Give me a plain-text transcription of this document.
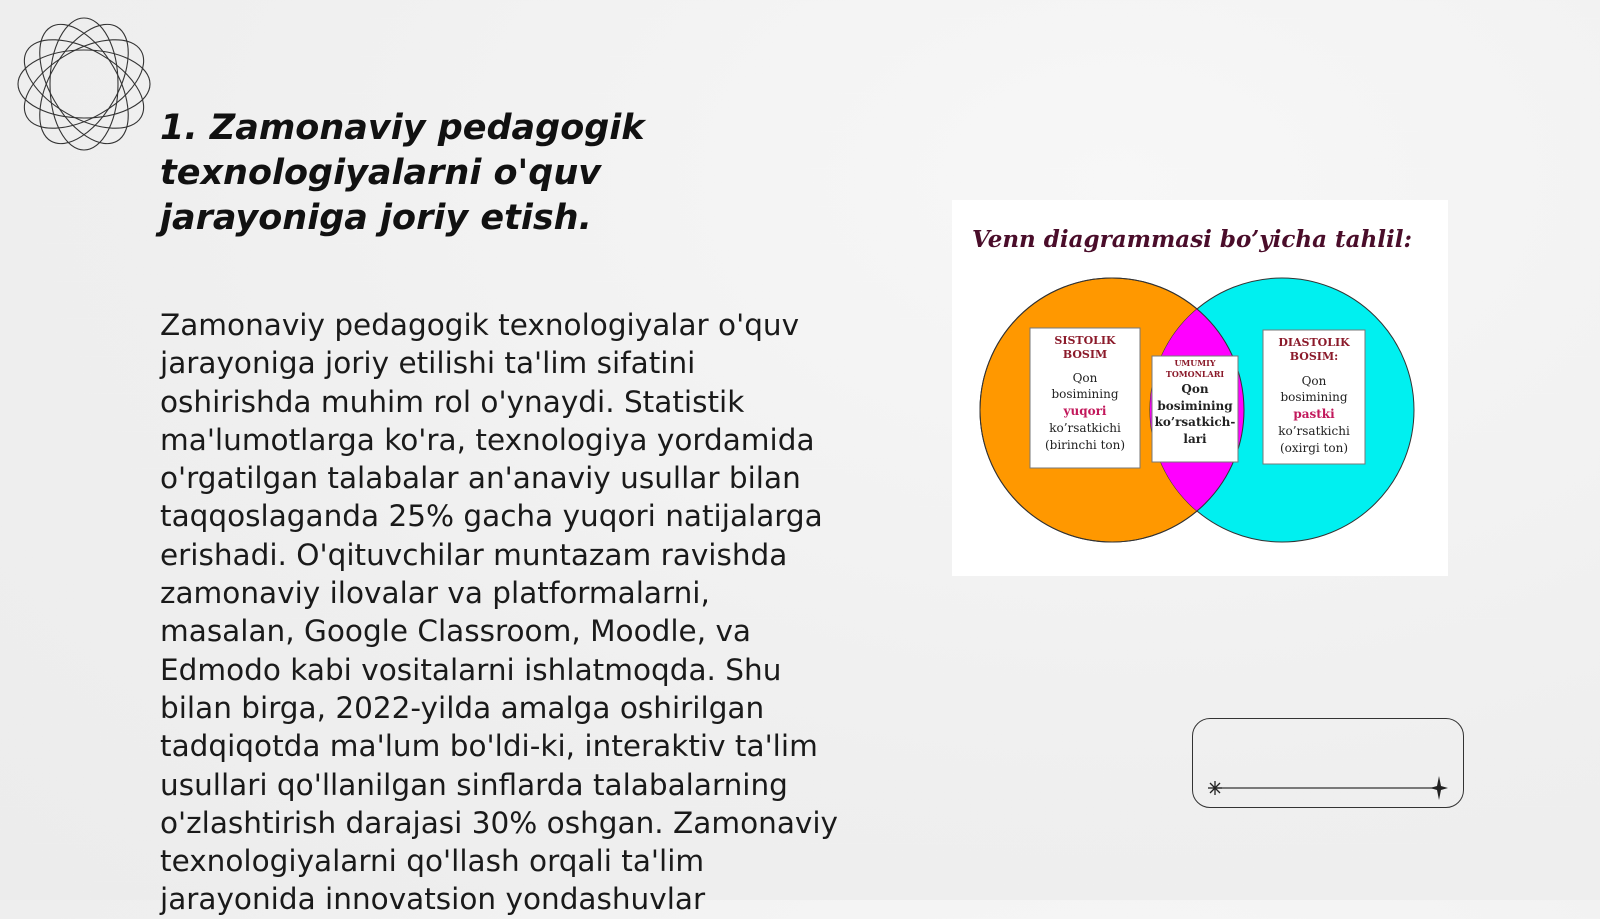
1. Zamonaviy pedagogik texnologiyalarni o'quv jarayoniga joriy etish.

Zamonaviy pedagogik texnologiyalar o'quv jarayoniga joriy etilishi ta'lim sifatini oshirishda muhim rol o'ynaydi. Statistik ma'lumotlarga ko'ra, texnologiya yordamida o'rgatilgan talabalar an'anaviy usullar bilan taqqoslaganda 25% gacha yuqori natijalarga erishadi. O'qituvchilar muntazam ravishda zamonaviy ilovalar va platformalarni, masalan, Google Classroom, Moodle, va Edmodo kabi vositalarni ishlatmoqda. Shu bilan birga, 2022-yilda amalga oshirilgan tadqiqotda ma'lum bo'ldi-ki, interaktiv ta'lim usullari qo'llanilgan sinflarda talabalarning o'zlashtirish darajasi 30% oshgan. Zamonaviy texnologiyalarni qo'llash orqali ta'lim jarayonida innovatsion yondashuvlar

Venn diagrammasi bo’yicha tahlil:
SISTOLIK
BOSIM
Qon
bosimining
yuqori
ko’rsatkichi
(birinchi ton)
UMUMIY
TOMONLARI
Qon
bosimining
ko’rsatkich-
lari
DIASTOLIK
BOSIM:
Qon
bosimining
pastki
ko’rsatkichi
(oxirgi ton)
